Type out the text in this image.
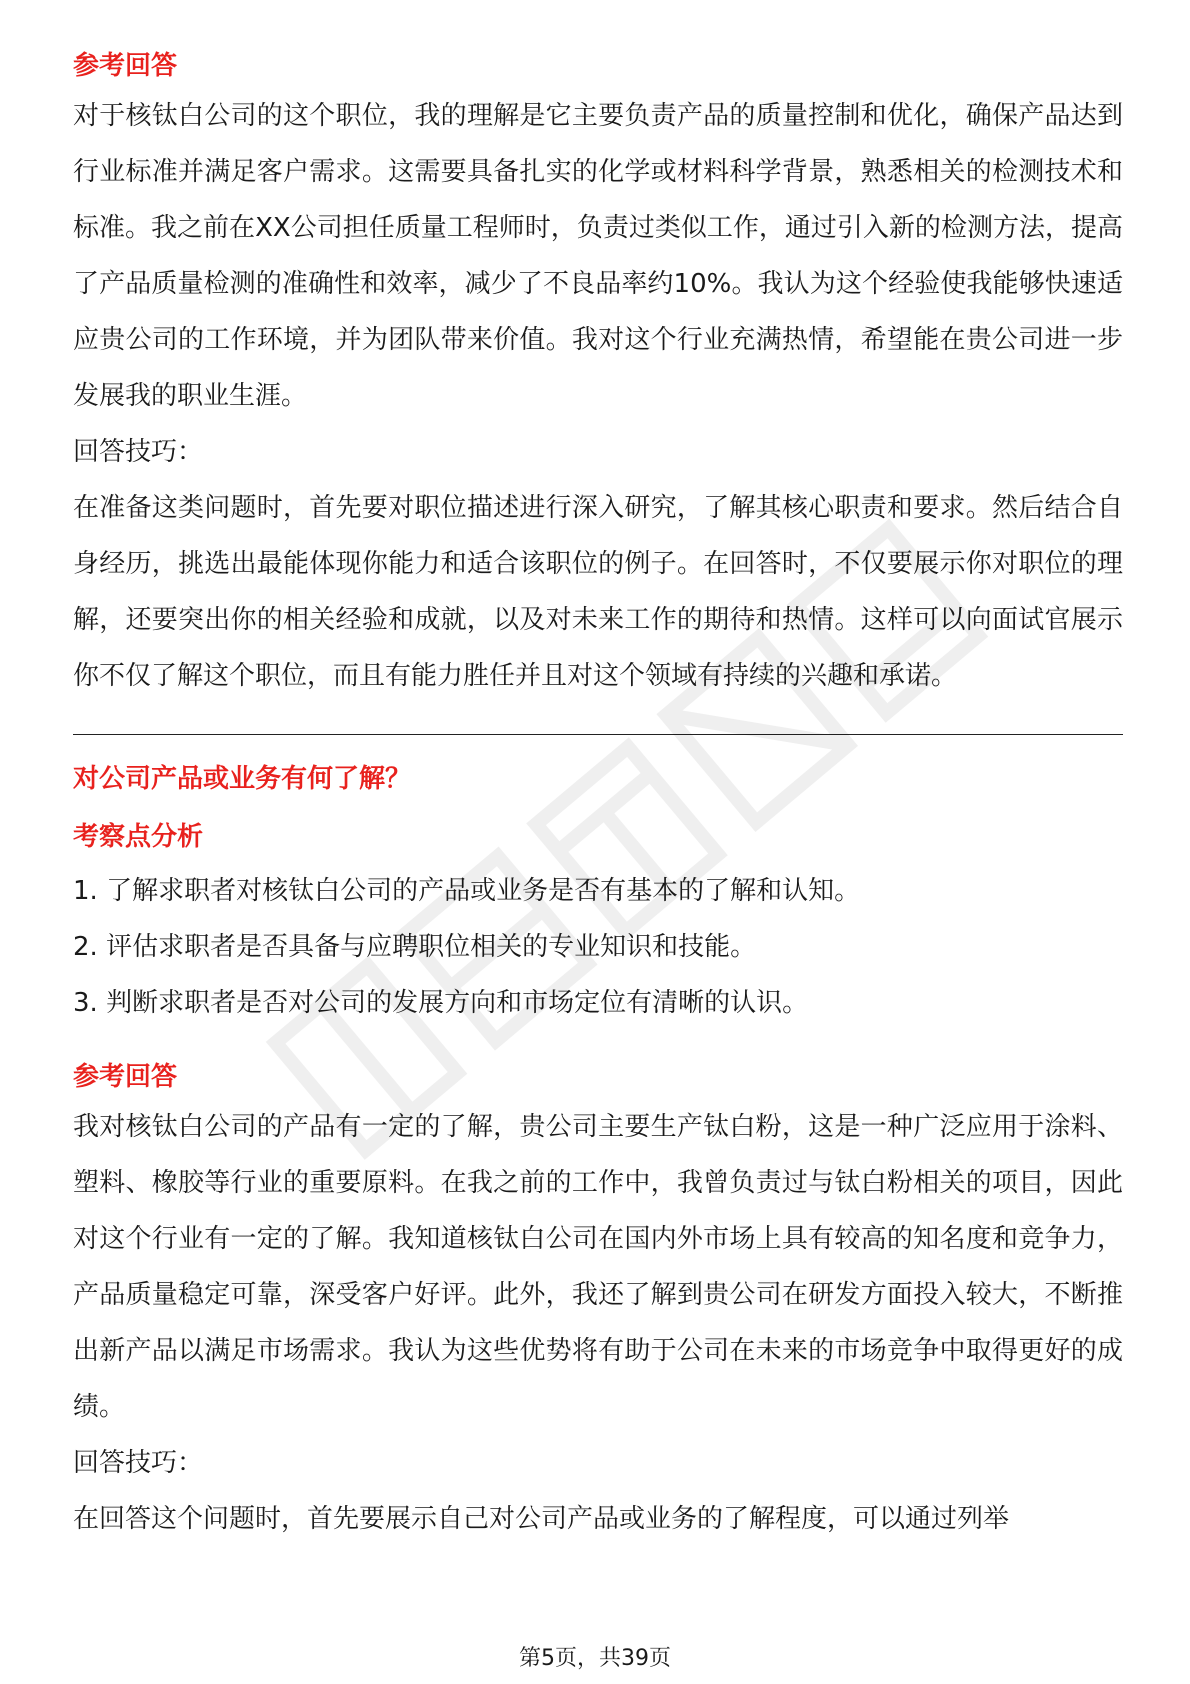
参考回答

对于核钛白公司的这个职位，我的理解是它主要负责产品的质量控制和优化，确保产品达到行业标准并满足客户需求。这需要具备扎实的化学或材料科学背景，熟悉相关的检测技术和标准。我之前在XX公司担任质量工程师时，负责过类似工作，通过引入新的检测方法，提高了产品质量检测的准确性和效率，减少了不良品率约10%。我认为这个经验使我能够快速适应贵公司的工作环境，并为团队带来价值。我对这个行业充满热情，希望能在贵公司进一步发展我的职业生涯。

回答技巧：

在准备这类问题时，首先要对职位描述进行深入研究，了解其核心职责和要求。然后结合自身经历，挑选出最能体现你能力和适合该职位的例子。在回答时，不仅要展示你对职位的理解，还要突出你的相关经验和成就，以及对未来工作的期待和热情。这样可以向面试官展示你不仅了解这个职位，而且有能力胜任并且对这个领域有持续的兴趣和承诺。

对公司产品或业务有何了解？

考察点分析

1. 了解求职者对核钛白公司的产品或业务是否有基本的了解和认知。

2. 评估求职者是否具备与应聘职位相关的专业知识和技能。

3. 判断求职者是否对公司的发展方向和市场定位有清晰的认识。

参考回答

我对核钛白公司的产品有一定的了解，贵公司主要生产钛白粉，这是一种广泛应用于涂料、塑料、橡胶等行业的重要原料。在我之前的工作中，我曾负责过与钛白粉相关的项目，因此对这个行业有一定的了解。我知道核钛白公司在国内外市场上具有较高的知名度和竞争力，产品质量稳定可靠，深受客户好评。此外，我还了解到贵公司在研发方面投入较大，不断推出新产品以满足市场需求。我认为这些优势将有助于公司在未来的市场竞争中取得更好的成绩。

回答技巧：

在回答这个问题时，首先要展示自己对公司产品或业务的了解程度，可以通过列举

第5页，共39页
